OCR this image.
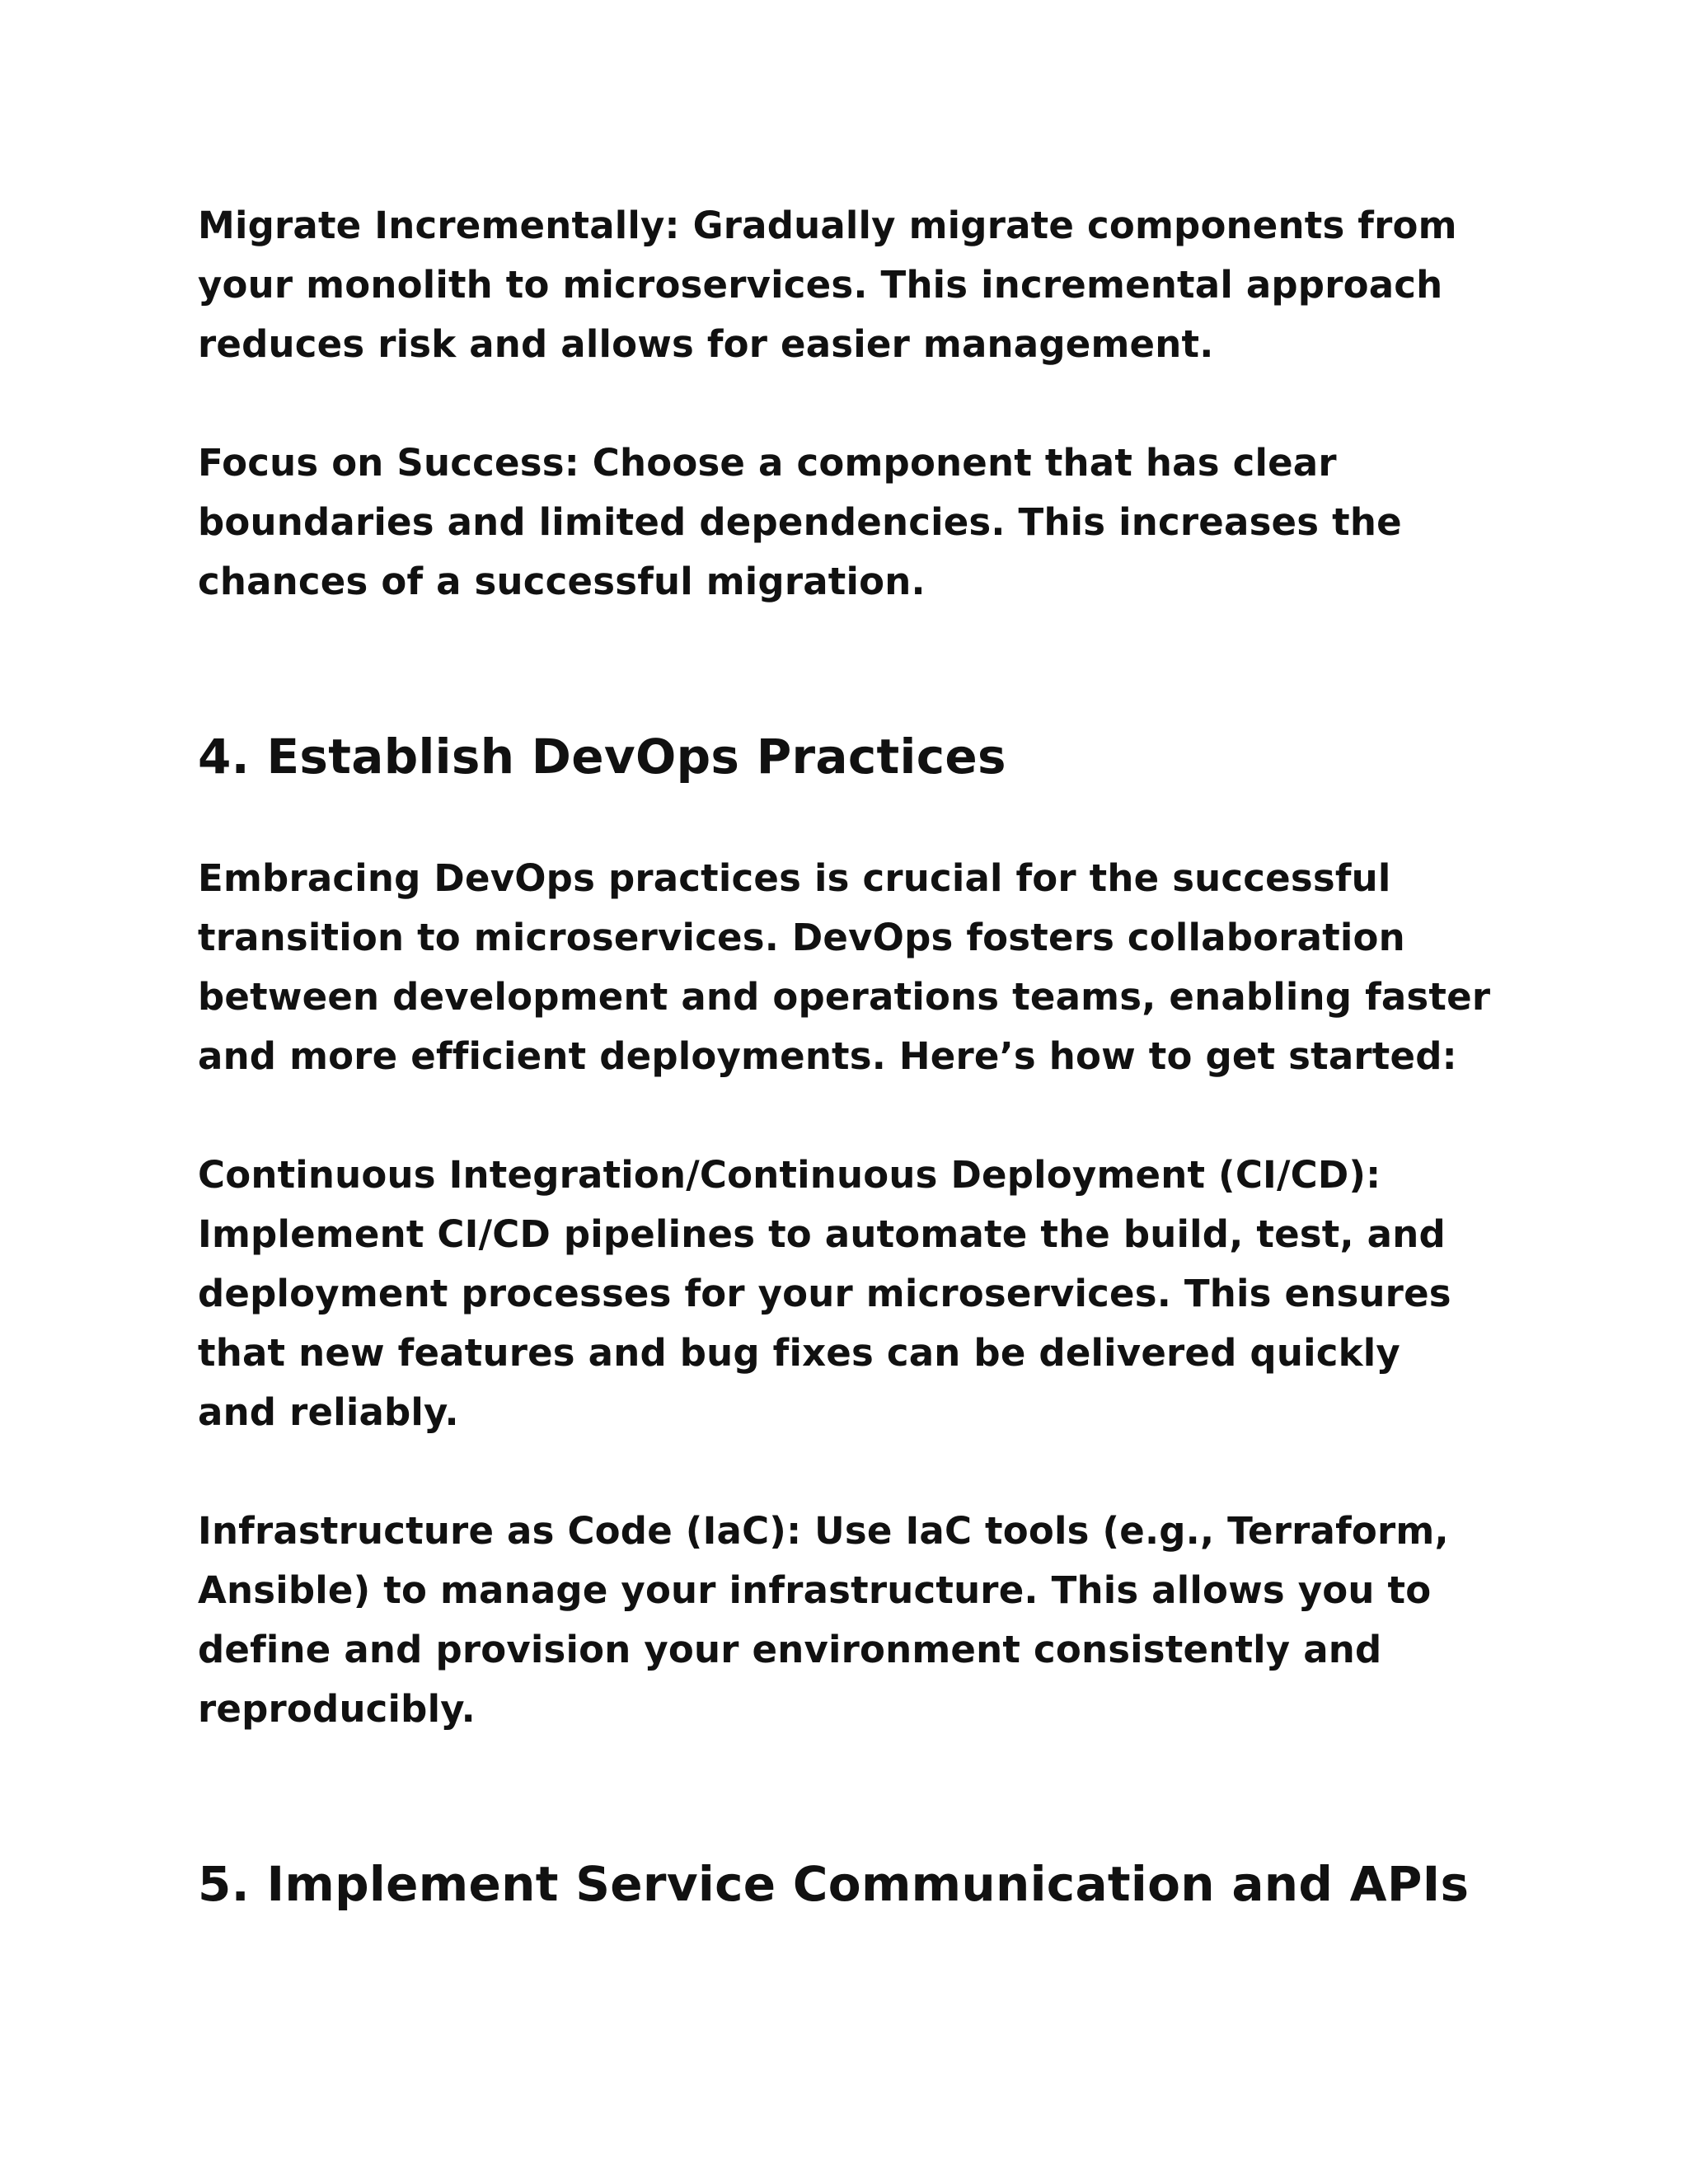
Migrate Incrementally: Gradually migrate components from
your monolith to microservices. This incremental approach
reduces risk and allows for easier management.

Focus on Success: Choose a component that has clear
boundaries and limited dependencies. This increases the
chances of a successful migration.

4. Establish DevOps Practices

Embracing DevOps practices is crucial for the successful
transition to microservices. DevOps fosters collaboration
between development and operations teams, enabling faster
and more efficient deployments. Here’s how to get started:

Continuous Integration/Continuous Deployment (CI/CD):
Implement CI/CD pipelines to automate the build, test, and
deployment processes for your microservices. This ensures
that new features and bug fixes can be delivered quickly
and reliably.

Infrastructure as Code (IaC): Use IaC tools (e.g., Terraform,
Ansible) to manage your infrastructure. This allows you to
define and provision your environment consistently and
reproducibly.

5. Implement Service Communication and APIs
